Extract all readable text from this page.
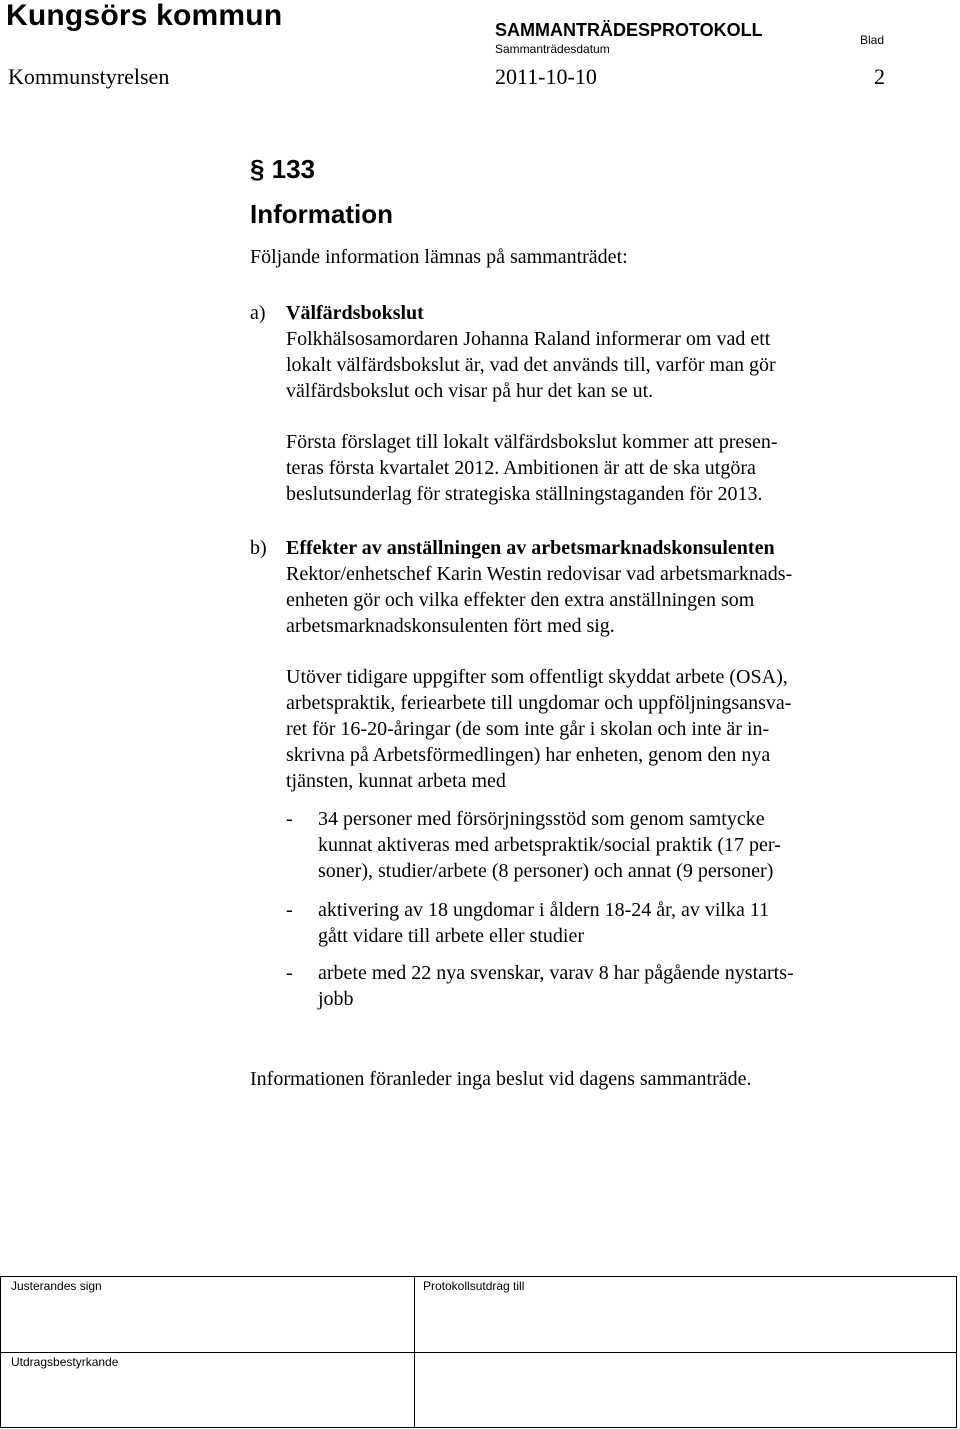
Kungsörs kommun	SAMMANTRÄDESPROTOKOLL
Sammanträdesdatum
Blad
Kommunstyrelsen	2011-10-10	2
§ 133
Information
Följande information lämnas på sammanträdet:
a) Välfärdsbokslut
Folkhälsosamordaren Johanna Raland informerar om vad ett
lokalt välfärdsbokslut är, vad det används till, varför man gör
välfärdsbokslut och visar på hur det kan se ut.
Första förslaget till lokalt välfärdsbokslut kommer att presen-
teras första kvartalet 2012. Ambitionen är att de ska utgöra
beslutsunderlag för strategiska ställningstaganden för 2013.
b) Effekter av anställningen av arbetsmarknadskonsulenten
Rektor/enhetschef Karin Westin redovisar vad arbetsmarknads-
enheten gör och vilka effekter den extra anställningen som
arbetsmarknadskonsulenten fört med sig.
Utöver tidigare uppgifter som offentligt skyddat arbete (OSA),
arbetspraktik, feriearbete till ungdomar och uppföljningsansva-
ret för 16-20-åringar (de som inte går i skolan och inte är in-
skrivna på Arbetsförmedlingen) har enheten, genom den nya
tjänsten, kunnat arbeta med
- 34 personer med försörjningsstöd som genom samtycke
kunnat aktiveras med arbetspraktik/social praktik (17 per-
soner), studier/arbete (8 personer) och annat (9 personer)
- aktivering av 18 ungdomar i åldern 18-24 år, av vilka 11
gått vidare till arbete eller studier
- arbete med 22 nya svenskar, varav 8 har pågående nystarts-
jobb
Informationen föranleder inga beslut vid dagens sammanträde.
Justerandes sign	Protokollsutdrag till
Utdragsbestyrkande
